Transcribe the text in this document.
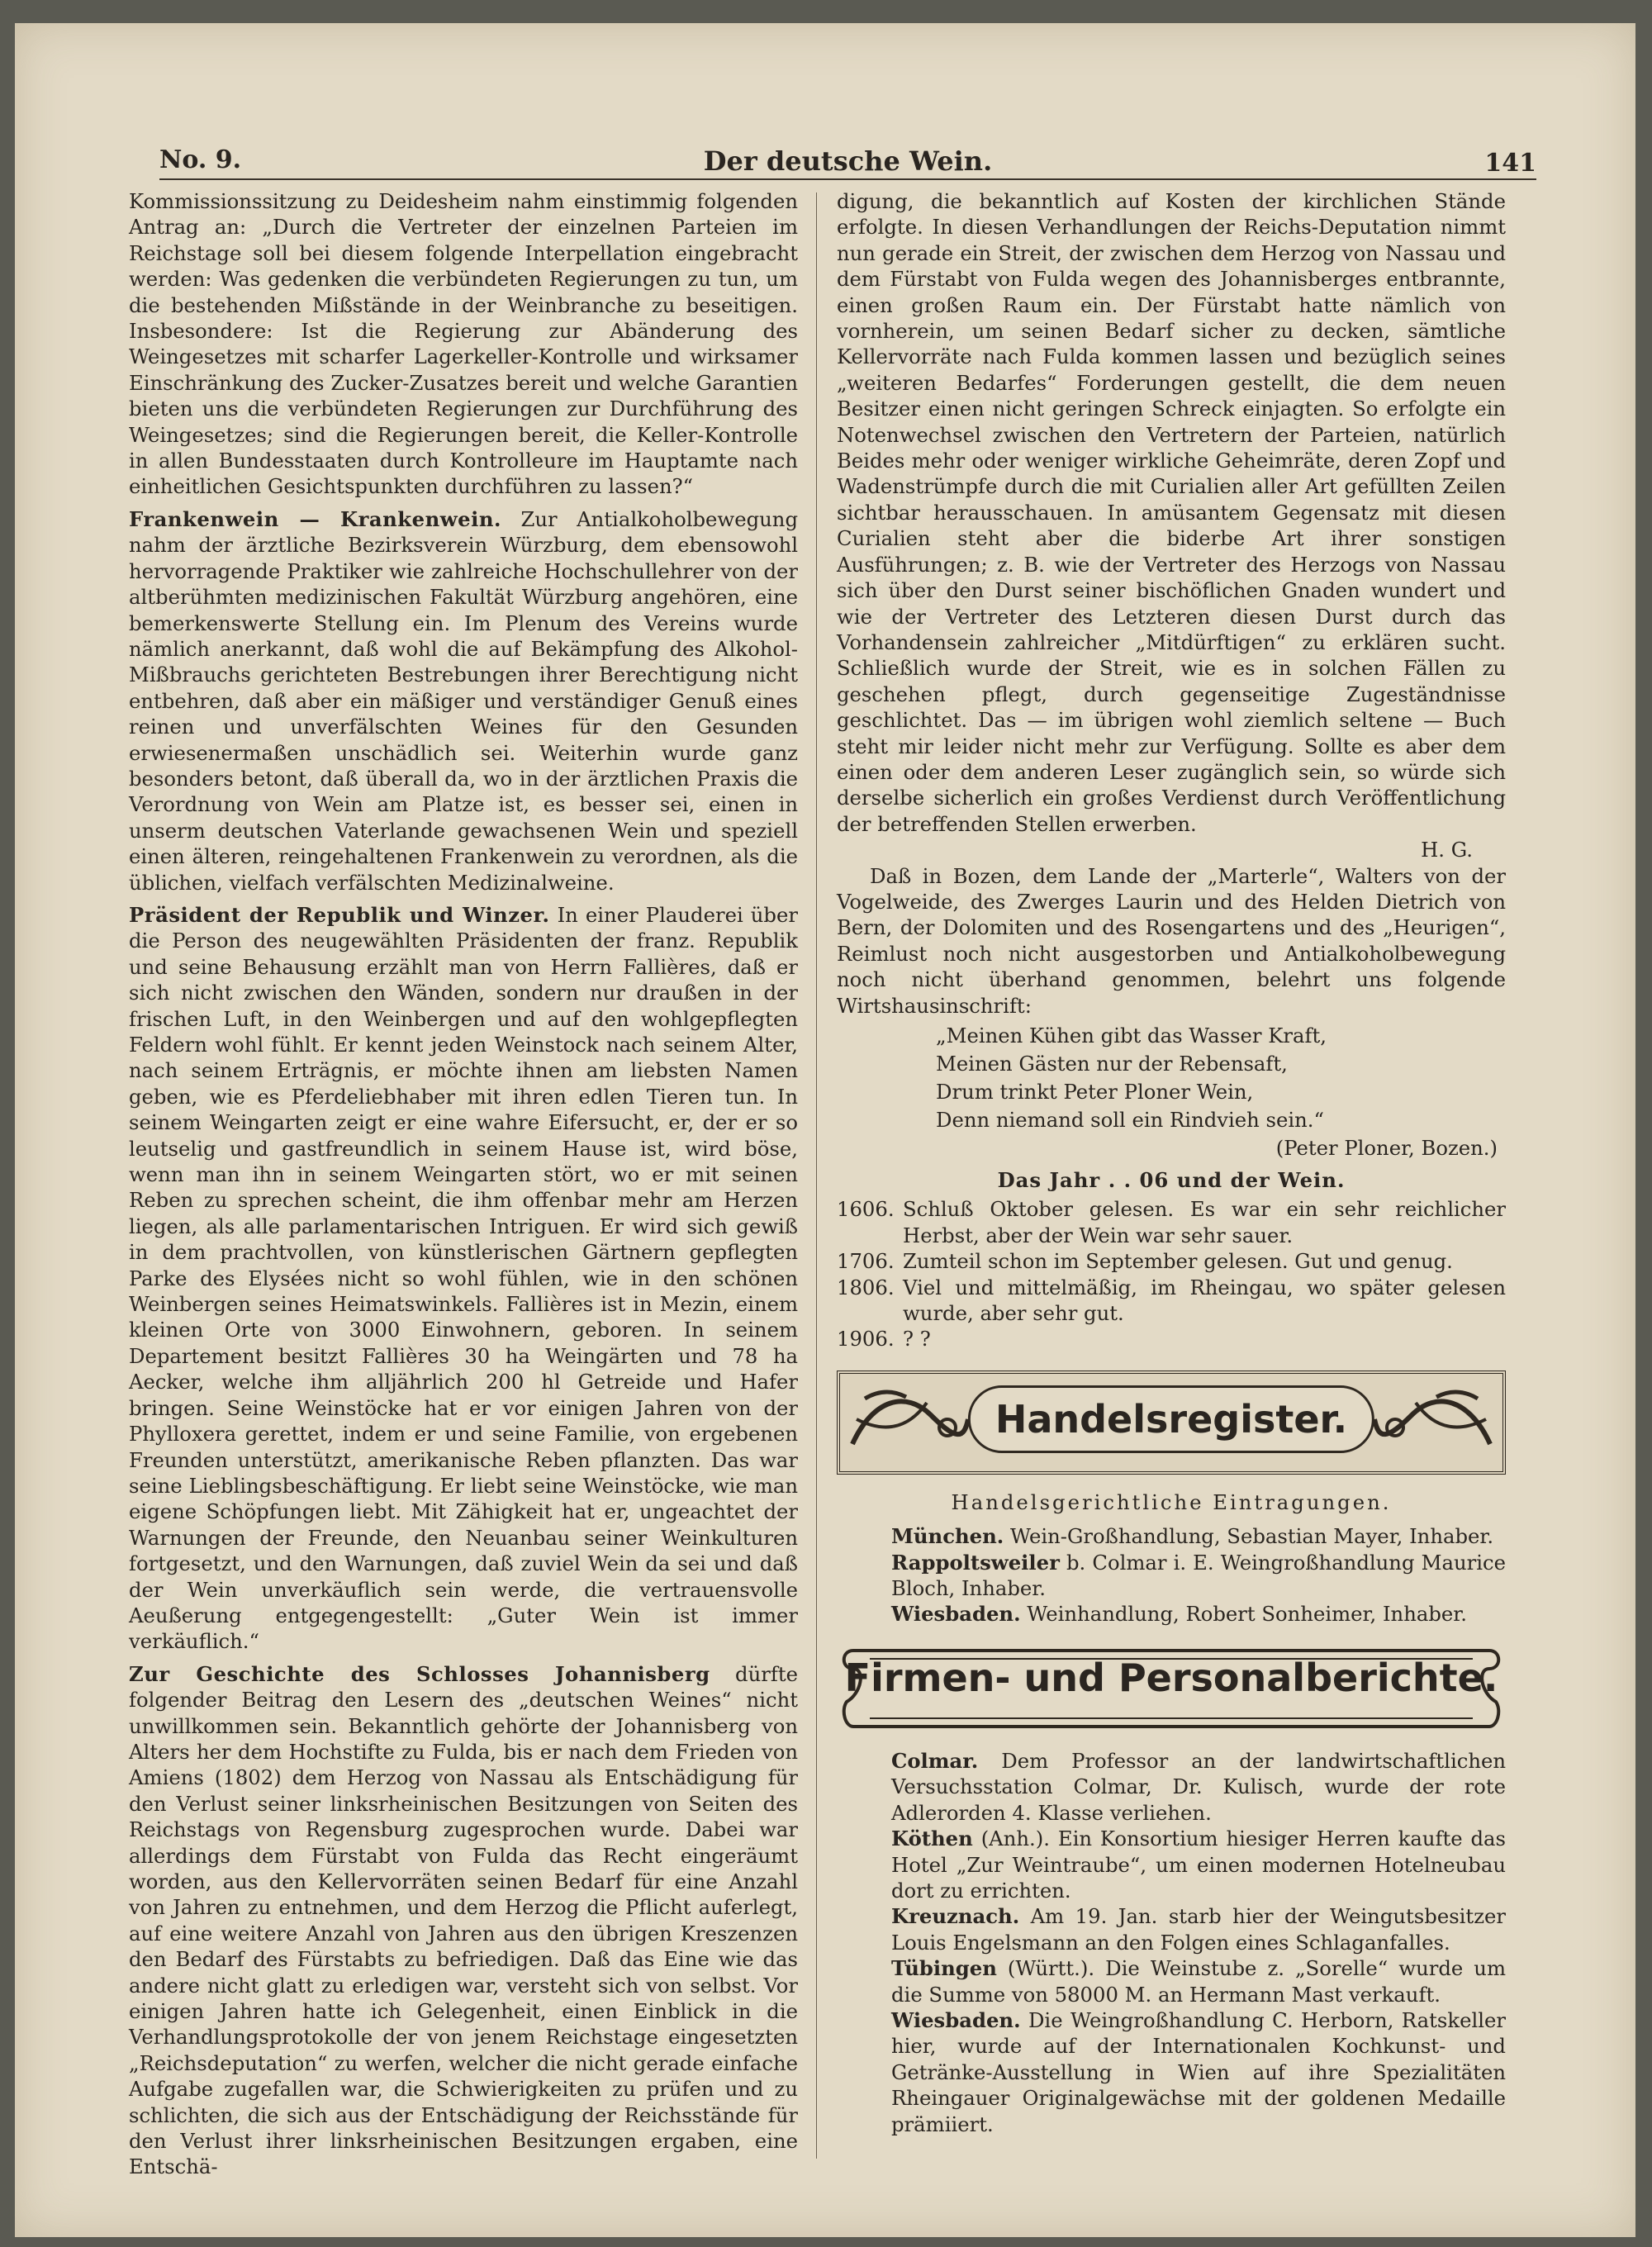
No. 9.	Der deutsche Wein.	141

Kommissionssitzung zu Deidesheim nahm einstimmig folgenden Antrag an: „Durch die Vertreter der einzelnen Parteien im Reichstage soll bei diesem folgende Interpellation eingebracht werden: Was gedenken die verbündeten Regierungen zu tun, um die bestehenden Mißstände in der Weinbranche zu beseitigen. Insbesondere: Ist die Regierung zur Abänderung des Weingesetzes mit scharfer Lagerkeller-Kontrolle und wirksamer Einschränkung des Zucker-Zusatzes bereit und welche Garantien bieten uns die verbündeten Regierungen zur Durchführung des Weingesetzes; sind die Regierungen bereit, die Keller-Kontrolle in allen Bundesstaaten durch Kontrolleure im Hauptamte nach einheitlichen Gesichtspunkten durchführen zu lassen?“

Frankenwein — Krankenwein. Zur Antialkoholbewegung nahm der ärztliche Bezirksverein Würzburg, dem ebensowohl hervorragende Praktiker wie zahlreiche Hochschullehrer von der altberühmten medizinischen Fakultät Würzburg angehören, eine bemerkenswerte Stellung ein. Im Plenum des Vereins wurde nämlich anerkannt, daß wohl die auf Bekämpfung des Alkohol-Mißbrauchs gerichteten Bestrebungen ihrer Berechtigung nicht entbehren, daß aber ein mäßiger und verständiger Genuß eines reinen und unverfälschten Weines für den Gesunden erwiesenermaßen unschädlich sei. Weiterhin wurde ganz besonders betont, daß überall da, wo in der ärztlichen Praxis die Verordnung von Wein am Platze ist, es besser sei, einen in unserm deutschen Vaterlande gewachsenen Wein und speziell einen älteren, reingehaltenen Frankenwein zu verordnen, als die üblichen, vielfach verfälschten Medizinalweine.

Präsident der Republik und Winzer. In einer Plauderei über die Person des neugewählten Präsidenten der franz. Republik und seine Behausung erzählt man von Herrn Fallières, daß er sich nicht zwischen den Wänden, sondern nur draußen in der frischen Luft, in den Weinbergen und auf den wohlgepflegten Feldern wohl fühlt. Er kennt jeden Weinstock nach seinem Alter, nach seinem Erträgnis, er möchte ihnen am liebsten Namen geben, wie es Pferdeliebhaber mit ihren edlen Tieren tun. In seinem Weingarten zeigt er eine wahre Eifersucht, er, der er so leutselig und gastfreundlich in seinem Hause ist, wird böse, wenn man ihn in seinem Weingarten stört, wo er mit seinen Reben zu sprechen scheint, die ihm offenbar mehr am Herzen liegen, als alle parlamentarischen Intriguen. Er wird sich gewiß in dem prachtvollen, von künstlerischen Gärtnern gepflegten Parke des Elysées nicht so wohl fühlen, wie in den schönen Weinbergen seines Heimatswinkels. Fallières ist in Mezin, einem kleinen Orte von 3000 Einwohnern, geboren. In seinem Departement besitzt Fallières 30 ha Weingärten und 78 ha Aecker, welche ihm alljährlich 200 hl Getreide und Hafer bringen. Seine Weinstöcke hat er vor einigen Jahren von der Phylloxera gerettet, indem er und seine Familie, von ergebenen Freunden unterstützt, amerikanische Reben pflanzten. Das war seine Lieblingsbeschäftigung. Er liebt seine Weinstöcke, wie man eigene Schöpfungen liebt. Mit Zähigkeit hat er, ungeachtet der Warnungen der Freunde, den Neuanbau seiner Weinkulturen fortgesetzt, und den Warnungen, daß zuviel Wein da sei und daß der Wein unverkäuflich sein werde, die vertrauensvolle Aeußerung entgegengestellt: „Guter Wein ist immer verkäuflich.“

Zur Geschichte des Schlosses Johannisberg dürfte folgender Beitrag den Lesern des „deutschen Weines“ nicht unwillkommen sein. Bekanntlich gehörte der Johannisberg von Alters her dem Hochstifte zu Fulda, bis er nach dem Frieden von Amiens (1802) dem Herzog von Nassau als Entschädigung für den Verlust seiner linksrheinischen Besitzungen von Seiten des Reichstags von Regensburg zugesprochen wurde. Dabei war allerdings dem Fürstabt von Fulda das Recht eingeräumt worden, aus den Kellervorräten seinen Bedarf für eine Anzahl von Jahren zu entnehmen, und dem Herzog die Pflicht auferlegt, auf eine weitere Anzahl von Jahren aus den übrigen Kreszenzen den Bedarf des Fürstabts zu befriedigen. Daß das Eine wie das andere nicht glatt zu erledigen war, versteht sich von selbst. Vor einigen Jahren hatte ich Gelegenheit, einen Einblick in die Verhandlungsprotokolle der von jenem Reichstage eingesetzten „Reichsdeputation“ zu werfen, welcher die nicht gerade einfache Aufgabe zugefallen war, die Schwierigkeiten zu prüfen und zu schlichten, die sich aus der Entschädigung der Reichsstände für den Verlust ihrer linksrheinischen Besitzungen ergaben, eine Entschä-

digung, die bekanntlich auf Kosten der kirchlichen Stände erfolgte. In diesen Verhandlungen der Reichs-Deputation nimmt nun gerade ein Streit, der zwischen dem Herzog von Nassau und dem Fürstabt von Fulda wegen des Johannisberges entbrannte, einen großen Raum ein. Der Fürstabt hatte nämlich von vornherein, um seinen Bedarf sicher zu decken, sämtliche Kellervorräte nach Fulda kommen lassen und bezüglich seines „weiteren Bedarfes“ Forderungen gestellt, die dem neuen Besitzer einen nicht geringen Schreck einjagten. So erfolgte ein Notenwechsel zwischen den Vertretern der Parteien, natürlich Beides mehr oder weniger wirkliche Geheimräte, deren Zopf und Wadenstrümpfe durch die mit Curialien aller Art gefüllten Zeilen sichtbar herausschauen. In amüsantem Gegensatz mit diesen Curialien steht aber die biderbe Art ihrer sonstigen Ausführungen; z. B. wie der Vertreter des Herzogs von Nassau sich über den Durst seiner bischöflichen Gnaden wundert und wie der Vertreter des Letzteren diesen Durst durch das Vorhandensein zahlreicher „Mitdürftigen“ zu erklären sucht. Schließlich wurde der Streit, wie es in solchen Fällen zu geschehen pflegt, durch gegenseitige Zugeständnisse geschlichtet. Das — im übrigen wohl ziemlich seltene — Buch steht mir leider nicht mehr zur Verfügung. Sollte es aber dem einen oder dem anderen Leser zugänglich sein, so würde sich derselbe sicherlich ein großes Verdienst durch Veröffentlichung der betreffenden Stellen erwerben.

H. G.

Daß in Bozen, dem Lande der „Marterle“, Walters von der Vogelweide, des Zwerges Laurin und des Helden Dietrich von Bern, der Dolomiten und des Rosengartens und des „Heurigen“, Reimlust noch nicht ausgestorben und Antialkoholbewegung noch nicht überhand genommen, belehrt uns folgende Wirtshausinschrift:

„Meinen Kühen gibt das Wasser Kraft,
Meinen Gästen nur der Rebensaft,
Drum trinkt Peter Ploner Wein,
Denn niemand soll ein Rindvieh sein.“
(Peter Ploner, Bozen.)
Das Jahr . . 06 und der Wein.
1606. Schluß Oktober gelesen. Es war ein sehr reichlicher Herbst, aber der Wein war sehr sauer.
1706. Zumteil schon im September gelesen. Gut und genug.
1806. Viel und mittelmäßig, im Rheingau, wo später gelesen wurde, aber sehr gut.
1906. ? ?
Handelsregister.
Handelsgerichtliche Eintragungen.

München. Wein-Großhandlung, Sebastian Mayer, Inhaber.

Rappoltsweiler b. Colmar i. E. Weingroßhandlung Maurice Bloch, Inhaber.

Wiesbaden. Weinhandlung, Robert Sonheimer, Inhaber.

Firmen- und Personalberichte.

Colmar. Dem Professor an der landwirtschaftlichen Versuchsstation Colmar, Dr. Kulisch, wurde der rote Adlerorden 4. Klasse verliehen.

Köthen (Anh.). Ein Konsortium hiesiger Herren kaufte das Hotel „Zur Weintraube“, um einen modernen Hotelneubau dort zu errichten.

Kreuznach. Am 19. Jan. starb hier der Weingutsbesitzer Louis Engelsmann an den Folgen eines Schlaganfalles.

Tübingen (Württ.). Die Weinstube z. „Sorelle“ wurde um die Summe von 58000 M. an Hermann Mast verkauft.

Wiesbaden. Die Weingroßhandlung C. Herborn, Ratskeller hier, wurde auf der Internationalen Kochkunst- und Getränke-Ausstellung in Wien auf ihre Spezialitäten Rheingauer Originalgewächse mit der goldenen Medaille prämiiert.
